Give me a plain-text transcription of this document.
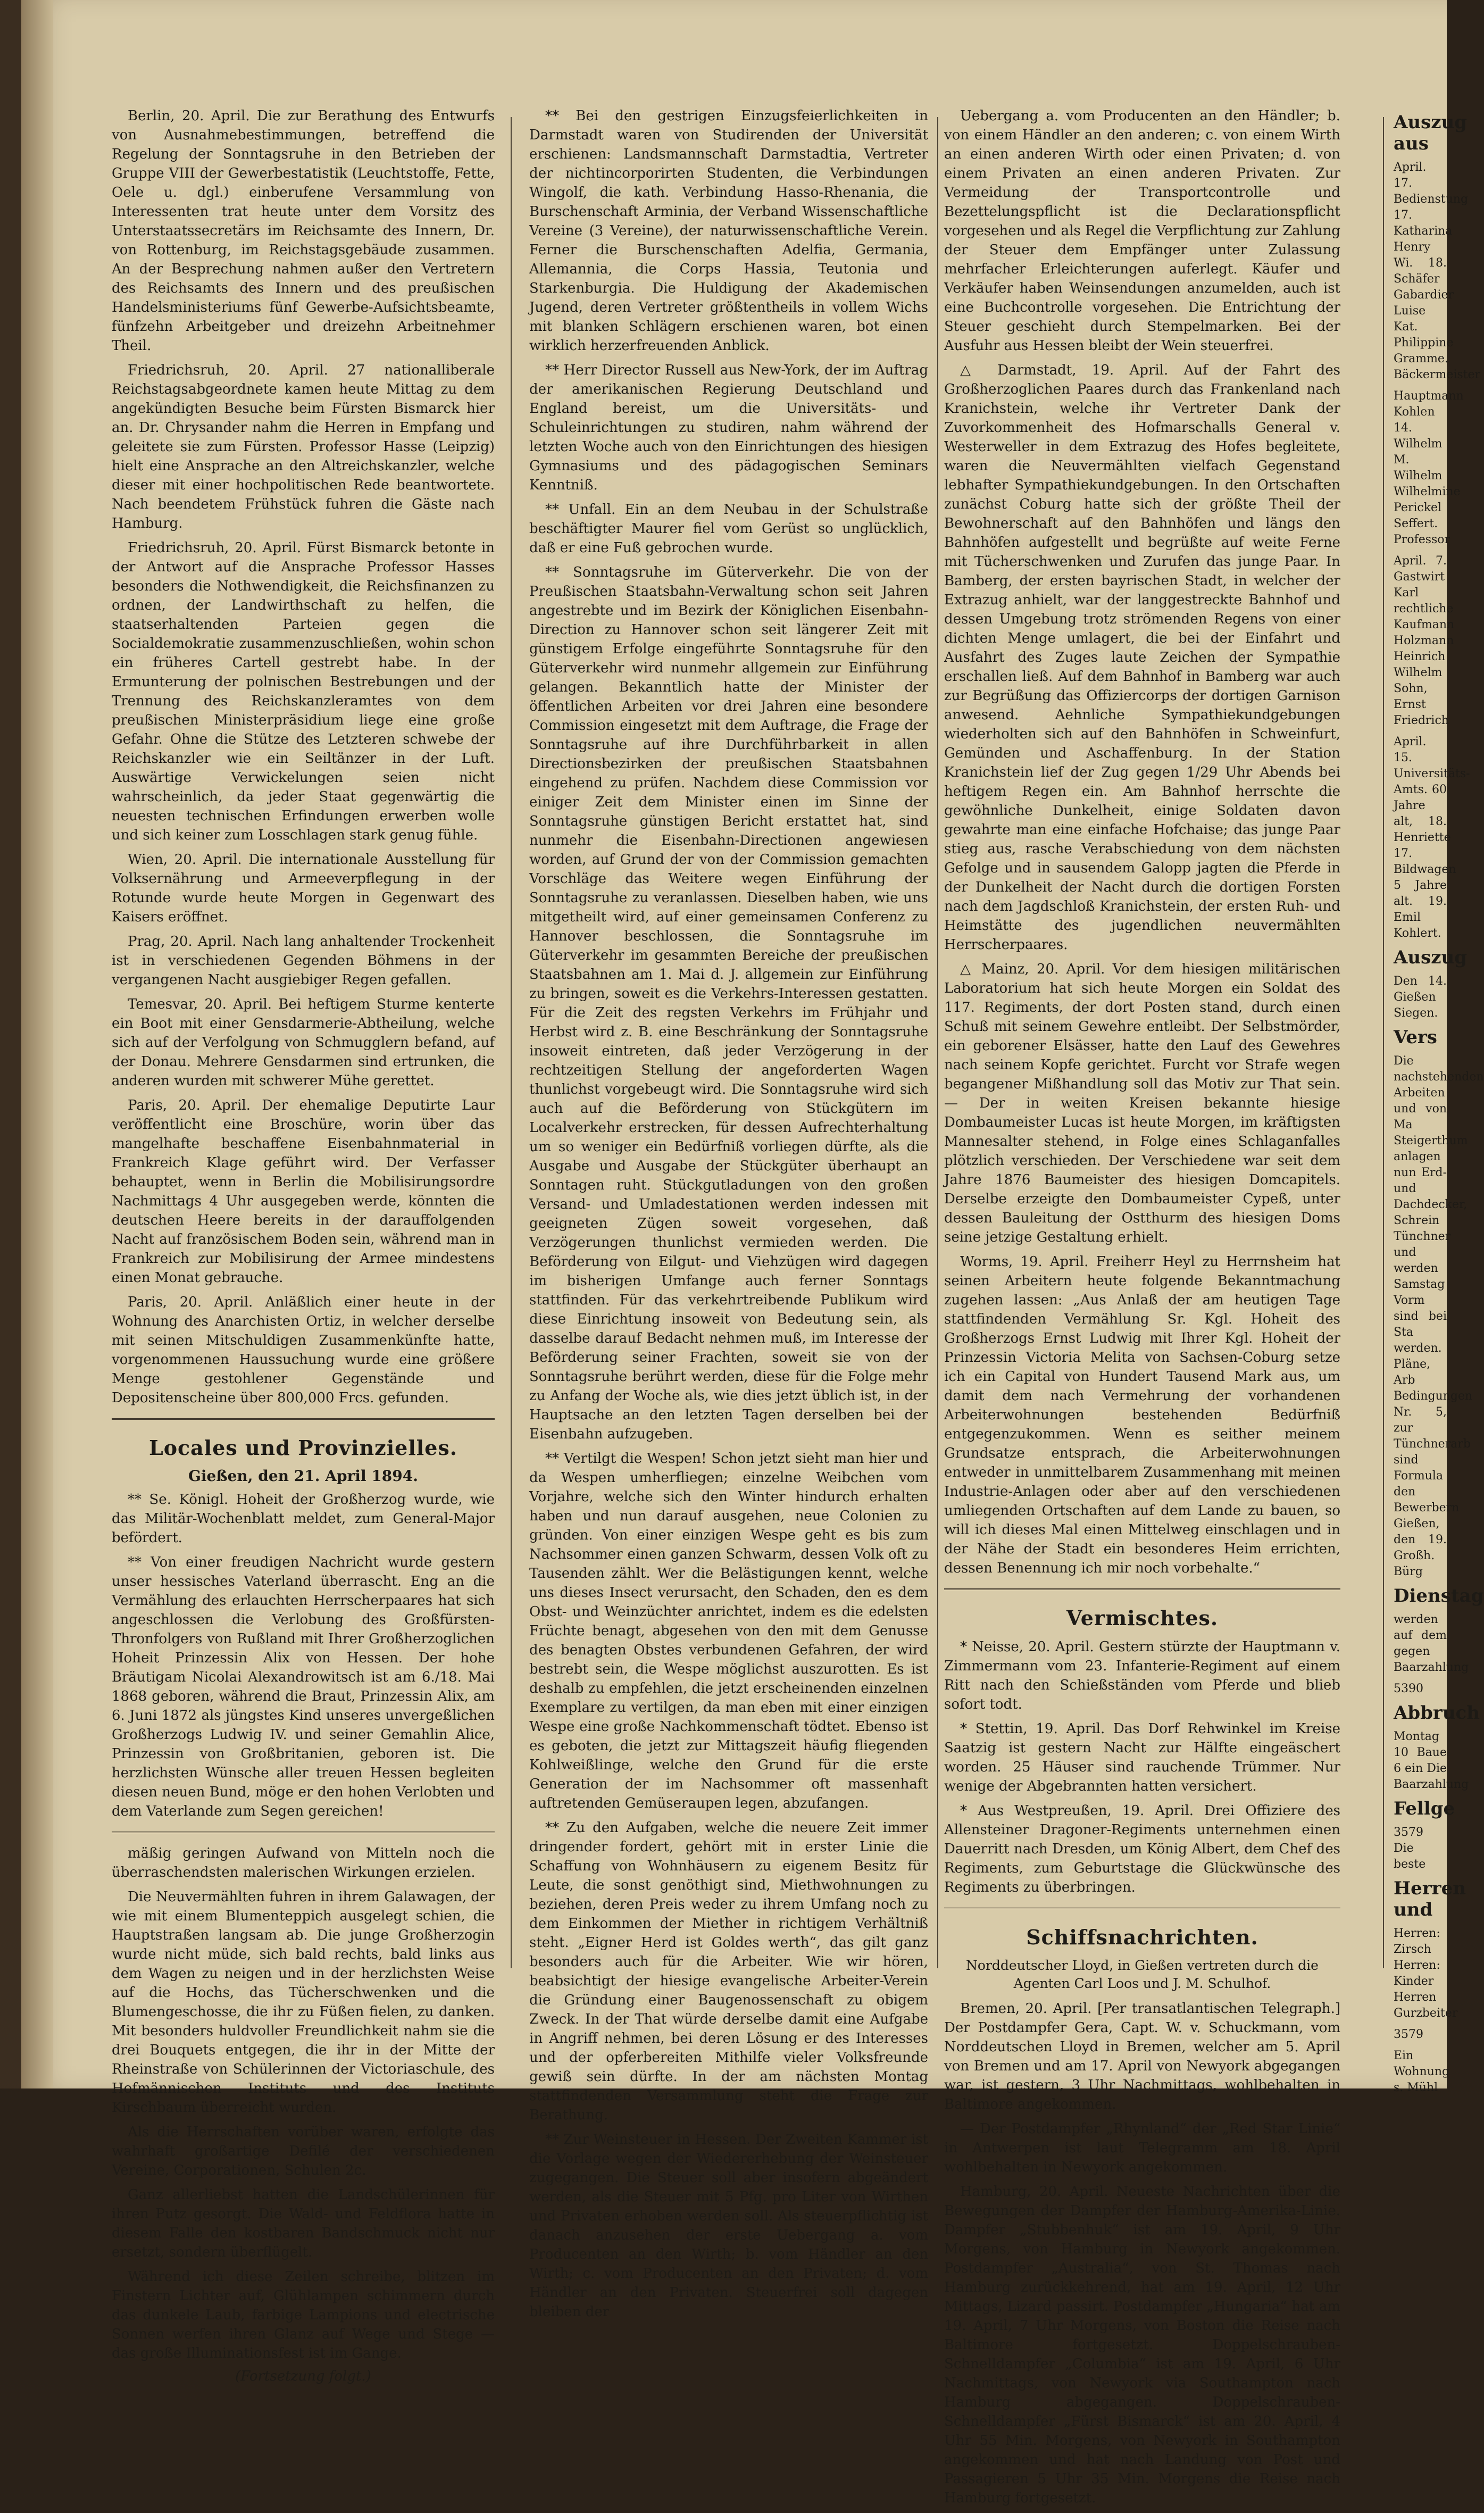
Berlin, 20. April. Die zur Berathung des Entwurfs von Ausnahmebestimmungen, betreffend die Regelung der Sonntagsruhe in den Betrieben der Gruppe VIII der Gewerbestatistik (Leuchtstoffe, Fette, Oele u. dgl.) einberufene Versammlung von Interessenten trat heute unter dem Vorsitz des Unterstaatssecretärs im Reichsamte des Innern, Dr. von Rottenburg, im Reichstagsgebäude zusammen. An der Besprechung nahmen außer den Vertretern des Reichsamts des Innern und des preußischen Handelsministeriums fünf Gewerbe-Aufsichtsbeamte, fünfzehn Arbeitgeber und dreizehn Arbeitnehmer Theil.

Friedrichsruh, 20. April. 27 nationalliberale Reichstagsabgeordnete kamen heute Mittag zu dem angekündigten Besuche beim Fürsten Bismarck hier an. Dr. Chrysander nahm die Herren in Empfang und geleitete sie zum Fürsten. Professor Hasse (Leipzig) hielt eine Ansprache an den Altreichskanzler, welche dieser mit einer hochpolitischen Rede beantwortete. Nach beendetem Frühstück fuhren die Gäste nach Hamburg.

Friedrichsruh, 20. April. Fürst Bismarck betonte in der Antwort auf die Ansprache Professor Hasses besonders die Nothwendigkeit, die Reichsfinanzen zu ordnen, der Landwirthschaft zu helfen, die staatserhaltenden Parteien gegen die Socialdemokratie zusammenzuschließen, wohin schon ein früheres Cartell gestrebt habe. In der Ermunterung der polnischen Bestrebungen und der Trennung des Reichskanzleramtes von dem preußischen Ministerpräsidium liege eine große Gefahr. Ohne die Stütze des Letzteren schwebe der Reichskanzler wie ein Seiltänzer in der Luft. Auswärtige Verwickelungen seien nicht wahrscheinlich, da jeder Staat gegenwärtig die neuesten technischen Erfindungen erwerben wolle und sich keiner zum Losschlagen stark genug fühle.

Wien, 20. April. Die internationale Ausstellung für Volksernährung und Armeeverpflegung in der Rotunde wurde heute Morgen in Gegenwart des Kaisers eröffnet.

Prag, 20. April. Nach lang anhaltender Trockenheit ist in verschiedenen Gegenden Böhmens in der vergangenen Nacht ausgiebiger Regen gefallen.

Temesvar, 20. April. Bei heftigem Sturme kenterte ein Boot mit einer Gensdarmerie-Abtheilung, welche sich auf der Verfolgung von Schmugglern befand, auf der Donau. Mehrere Gensdarmen sind ertrunken, die anderen wurden mit schwerer Mühe gerettet.

Paris, 20. April. Der ehemalige Deputirte Laur veröffentlicht eine Broschüre, worin über das mangelhafte beschaffene Eisenbahnmaterial in Frankreich Klage geführt wird. Der Verfasser behauptet, wenn in Berlin die Mobilisirungsordre Nachmittags 4 Uhr ausgegeben werde, könnten die deutschen Heere bereits in der darauffolgenden Nacht auf französischem Boden sein, während man in Frankreich zur Mobilisirung der Armee mindestens einen Monat gebrauche.

Paris, 20. April. Anläßlich einer heute in der Wohnung des Anarchisten Ortiz, in welcher derselbe mit seinen Mitschuldigen Zusammenkünfte hatte, vorgenommenen Haussuchung wurde eine größere Menge gestohlener Gegenstände und Depositenscheine über 800,000 Frcs. gefunden.

Locales und Provinzielles.
Gießen, den 21. April 1894.

** Se. Königl. Hoheit der Großherzog wurde, wie das Militär-Wochenblatt meldet, zum General-Major befördert.

** Von einer freudigen Nachricht wurde gestern unser hessisches Vaterland überrascht. Eng an die Vermählung des erlauchten Herrscherpaares hat sich angeschlossen die Verlobung des Großfürsten-Thronfolgers von Rußland mit Ihrer Großherzoglichen Hoheit Prinzessin Alix von Hessen. Der hohe Bräutigam Nicolai Alexandrowitsch ist am 6./18. Mai 1868 geboren, während die Braut, Prinzessin Alix, am 6. Juni 1872 als jüngstes Kind unseres unvergeßlichen Großherzogs Ludwig IV. und seiner Gemahlin Alice, Prinzessin von Großbritanien, geboren ist. Die herzlichsten Wünsche aller treuen Hessen begleiten diesen neuen Bund, möge er den hohen Verlobten und dem Vaterlande zum Segen gereichen!

mäßig geringen Aufwand von Mitteln noch die überraschendsten malerischen Wirkungen erzielen.

Die Neuvermählten fuhren in ihrem Galawagen, der wie mit einem Blumenteppich ausgelegt schien, die Hauptstraßen langsam ab. Die junge Großherzogin wurde nicht müde, sich bald rechts, bald links aus dem Wagen zu neigen und in der herzlichsten Weise auf die Hochs, das Tücherschwenken und die Blumengeschosse, die ihr zu Füßen fielen, zu danken. Mit besonders huldvoller Freundlichkeit nahm sie die drei Bouquets entgegen, die ihr in der Mitte der Rheinstraße von Schülerinnen der Victoriaschule, des Hofmännischen Instituts und des Instituts Kirschbaum überreicht wurden.

Als die Herrschaften vorüber waren, erfolgte das wahrhaft großartige Defilé der verschiedenen Vereine, Corporationen, Schulen 2c.

Ganz allerliebst hatten die Landschülerinnen für ihren Putz gesorgt. Die Wald- und Feldflora hatte in diesem Falle den kostbaren Bandschmuck nicht nur ersetzt, sondern überflügelt.

Während ich diese Zeilen schreibe, blitzen im Finstern Lichter auf, Glühlampen schimmern durch das dunkele Laub, farbige Lampions und electrische Sonnen werfen ihren Glanz auf Wege und Stege — das große Illuminationsfest ist im Gange.

(Fortsetzung folgt.)

** Bei den gestrigen Einzugsfeierlichkeiten in Darmstadt waren von Studirenden der Universität erschienen: Landsmannschaft Darmstadtia, Vertreter der nichtincorporirten Studenten, die Verbindungen Wingolf, die kath. Verbindung Hasso-Rhenania, die Burschenschaft Arminia, der Verband Wissenschaftliche Vereine (3 Vereine), der naturwissenschaftliche Verein. Ferner die Burschenschaften Adelfia, Germania, Allemannia, die Corps Hassia, Teutonia und Starkenburgia. Die Huldigung der Akademischen Jugend, deren Vertreter größtentheils in vollem Wichs mit blanken Schlägern erschienen waren, bot einen wirklich herzerfreuenden Anblick.

** Herr Director Russell aus New-York, der im Auftrag der amerikanischen Regierung Deutschland und England bereist, um die Universitäts- und Schuleinrichtungen zu studiren, nahm während der letzten Woche auch von den Einrichtungen des hiesigen Gymnasiums und des pädagogischen Seminars Kenntniß.

** Unfall. Ein an dem Neubau in der Schulstraße beschäftigter Maurer fiel vom Gerüst so unglücklich, daß er eine Fuß gebrochen wurde.

** Sonntagsruhe im Güterverkehr. Die von der Preußischen Staatsbahn-Verwaltung schon seit Jahren angestrebte und im Bezirk der Königlichen Eisenbahn-Direction zu Hannover schon seit längerer Zeit mit günstigem Erfolge eingeführte Sonntagsruhe für den Güterverkehr wird nunmehr allgemein zur Einführung gelangen. Bekanntlich hatte der Minister der öffentlichen Arbeiten vor drei Jahren eine besondere Commission eingesetzt mit dem Auftrage, die Frage der Sonntagsruhe auf ihre Durchführbarkeit in allen Directionsbezirken der preußischen Staatsbahnen eingehend zu prüfen. Nachdem diese Commission vor einiger Zeit dem Minister einen im Sinne der Sonntagsruhe günstigen Bericht erstattet hat, sind nunmehr die Eisenbahn-Directionen angewiesen worden, auf Grund der von der Commission gemachten Vorschläge das Weitere wegen Einführung der Sonntagsruhe zu veranlassen. Dieselben haben, wie uns mitgetheilt wird, auf einer gemeinsamen Conferenz zu Hannover beschlossen, die Sonntagsruhe im Güterverkehr im gesammten Bereiche der preußischen Staatsbahnen am 1. Mai d. J. allgemein zur Einführung zu bringen, soweit es die Verkehrs-Interessen gestatten. Für die Zeit des regsten Verkehrs im Frühjahr und Herbst wird z. B. eine Beschränkung der Sonntagsruhe insoweit eintreten, daß jeder Verzögerung in der rechtzeitigen Stellung der angeforderten Wagen thunlichst vorgebeugt wird. Die Sonntagsruhe wird sich auch auf die Beförderung von Stückgütern im Localverkehr erstrecken, für dessen Aufrechterhaltung um so weniger ein Bedürfniß vorliegen dürfte, als die Ausgabe und Ausgabe der Stückgüter überhaupt an Sonntagen ruht. Stückgutladungen von den großen Versand- und Umladestationen werden indessen mit geeigneten Zügen soweit vorgesehen, daß Verzögerungen thunlichst vermieden werden. Die Beförderung von Eilgut- und Viehzügen wird dagegen im bisherigen Umfange auch ferner Sonntags stattfinden. Für das verkehrtreibende Publikum wird diese Einrichtung insoweit von Bedeutung sein, als dasselbe darauf Bedacht nehmen muß, im Interesse der Beförderung seiner Frachten, soweit sie von der Sonntagsruhe berührt werden, diese für die Folge mehr zu Anfang der Woche als, wie dies jetzt üblich ist, in der Hauptsache an den letzten Tagen derselben bei der Eisenbahn aufzugeben.

** Vertilgt die Wespen! Schon jetzt sieht man hier und da Wespen umherfliegen; einzelne Weibchen vom Vorjahre, welche sich den Winter hindurch erhalten haben und nun darauf ausgehen, neue Colonien zu gründen. Von einer einzigen Wespe geht es bis zum Nachsommer einen ganzen Schwarm, dessen Volk oft zu Tausenden zählt. Wer die Belästigungen kennt, welche uns dieses Insect verursacht, den Schaden, den es dem Obst- und Weinzüchter anrichtet, indem es die edelsten Früchte benagt, abgesehen von den mit dem Genusse des benagten Obstes verbundenen Gefahren, der wird bestrebt sein, die Wespe möglichst auszurotten. Es ist deshalb zu empfehlen, die jetzt erscheinenden einzelnen Exemplare zu vertilgen, da man eben mit einer einzigen Wespe eine große Nachkommenschaft tödtet. Ebenso ist es geboten, die jetzt zur Mittagszeit häufig fliegenden Kohlweißlinge, welche den Grund für die erste Generation der im Nachsommer oft massenhaft auftretenden Gemüseraupen legen, abzufangen.

** Zu den Aufgaben, welche die neuere Zeit immer dringender fordert, gehört mit in erster Linie die Schaffung von Wohnhäusern zu eigenem Besitz für Leute, die sonst genöthigt sind, Miethwohnungen zu beziehen, deren Preis weder zu ihrem Umfang noch zu dem Einkommen der Miether in richtigem Verhältniß steht. „Eigner Herd ist Goldes werth“, das gilt ganz besonders auch für die Arbeiter. Wie wir hören, beabsichtigt der hiesige evangelische Arbeiter-Verein die Gründung einer Baugenossenschaft zu obigem Zweck. In der That würde derselbe damit eine Aufgabe in Angriff nehmen, bei deren Lösung er des Interesses und der opferbereiten Mithilfe vieler Volksfreunde gewiß sein dürfte. In der am nächsten Montag stattfindenden Versammlung steht die Frage zur Berathung.

** Zur Weinsteuer in Hessen. Der Zweiten Kammer ist die Vorlage wegen der Wiedererhebung der Weinsteuer zugegangen. Die Steuer soll aber insofern abgeändert werden, als die Steuer mit 5 Pfg. pro Liter von Wirthen und Privaten erhoben werden soll. Als steuerpflichtig ist danach anzusehen der erste Uebergang a. vom Producenten an den Wirth; b. vom Händler an den Wirth; c. vom Producenten an den Privaten; d. vom Händler an den Privaten. Steuerfrei soll dagegen bleiben der

Uebergang a. vom Producenten an den Händler; b. von einem Händler an den anderen; c. von einem Wirth an einen anderen Wirth oder einen Privaten; d. von einem Privaten an einen anderen Privaten. Zur Vermeidung der Transportcontrolle und Bezettelungspflicht ist die Declarationspflicht vorgesehen und als Regel die Verpflichtung zur Zahlung der Steuer dem Empfänger unter Zulassung mehrfacher Erleichterungen auferlegt. Käufer und Verkäufer haben Weinsendungen anzumelden, auch ist eine Buchcontrolle vorgesehen. Die Entrichtung der Steuer geschieht durch Stempelmarken. Bei der Ausfuhr aus Hessen bleibt der Wein steuerfrei.

△ Darmstadt, 19. April. Auf der Fahrt des Großherzoglichen Paares durch das Frankenland nach Kranichstein, welche ihr Vertreter Dank der Zuvorkommenheit des Hofmarschalls General v. Westerweller in dem Extrazug des Hofes begleitete, waren die Neuvermählten vielfach Gegenstand lebhafter Sympathiekundgebungen. In den Ortschaften zunächst Coburg hatte sich der größte Theil der Bewohnerschaft auf den Bahnhöfen und längs den Bahnhöfen aufgestellt und begrüßte auf weite Ferne mit Tücherschwenken und Zurufen das junge Paar. In Bamberg, der ersten bayrischen Stadt, in welcher der Extrazug anhielt, war der langgestreckte Bahnhof und dessen Umgebung trotz strömenden Regens von einer dichten Menge umlagert, die bei der Einfahrt und Ausfahrt des Zuges laute Zeichen der Sympathie erschallen ließ. Auf dem Bahnhof in Bamberg war auch zur Begrüßung das Offiziercorps der dortigen Garnison anwesend. Aehnliche Sympathiekundgebungen wiederholten sich auf den Bahnhöfen in Schweinfurt, Gemünden und Aschaffenburg. In der Station Kranichstein lief der Zug gegen 1/29 Uhr Abends bei heftigem Regen ein. Am Bahnhof herrschte die gewöhnliche Dunkelheit, einige Soldaten davon gewahrte man eine einfache Hofchaise; das junge Paar stieg aus, rasche Verabschiedung von dem nächsten Gefolge und in sausendem Galopp jagten die Pferde in der Dunkelheit der Nacht durch die dortigen Forsten nach dem Jagdschloß Kranichstein, der ersten Ruh- und Heimstätte des jugendlichen neuvermählten Herrscherpaares.

△ Mainz, 20. April. Vor dem hiesigen militärischen Laboratorium hat sich heute Morgen ein Soldat des 117. Regiments, der dort Posten stand, durch einen Schuß mit seinem Gewehre entleibt. Der Selbstmörder, ein geborener Elsässer, hatte den Lauf des Gewehres nach seinem Kopfe gerichtet. Furcht vor Strafe wegen begangener Mißhandlung soll das Motiv zur That sein. — Der in weiten Kreisen bekannte hiesige Dombaumeister Lucas ist heute Morgen, im kräftigsten Mannesalter stehend, in Folge eines Schlaganfalles plötzlich verschieden. Der Verschiedene war seit dem Jahre 1876 Baumeister des hiesigen Domcapitels. Derselbe erzeigte den Dombaumeister Cypeß, unter dessen Bauleitung der Ostthurm des hiesigen Doms seine jetzige Gestaltung erhielt.

Worms, 19. April. Freiherr Heyl zu Herrnsheim hat seinen Arbeitern heute folgende Bekanntmachung zugehen lassen: „Aus Anlaß der am heutigen Tage stattfindenden Vermählung Sr. Kgl. Hoheit des Großherzogs Ernst Ludwig mit Ihrer Kgl. Hoheit der Prinzessin Victoria Melita von Sachsen-Coburg setze ich ein Capital von Hundert Tausend Mark aus, um damit dem nach Vermehrung der vorhandenen Arbeiterwohnungen bestehenden Bedürfniß entgegenzukommen. Wenn es seither meinem Grundsatze entsprach, die Arbeiterwohnungen entweder in unmittelbarem Zusammenhang mit meinen Industrie-Anlagen oder aber auf den verschiedenen umliegenden Ortschaften auf dem Lande zu bauen, so will ich dieses Mal einen Mittelweg einschlagen und in der Nähe der Stadt ein besonderes Heim errichten, dessen Benennung ich mir noch vorbehalte.“

Vermischtes.

* Neisse, 20. April. Gestern stürzte der Hauptmann v. Zimmermann vom 23. Infanterie-Regiment auf einem Ritt nach den Schießständen vom Pferde und blieb sofort todt.

* Stettin, 19. April. Das Dorf Rehwinkel im Kreise Saatzig ist gestern Nacht zur Hälfte eingeäschert worden. 25 Häuser sind rauchende Trümmer. Nur wenige der Abgebrannten hatten versichert.

* Aus Westpreußen, 19. April. Drei Offiziere des Allensteiner Dragoner-Regiments unternehmen einen Dauerritt nach Dresden, um König Albert, dem Chef des Regiments, zum Geburtstage die Glückwünsche des Regiments zu überbringen.

Schiffsnachrichten.
Norddeutscher Lloyd, in Gießen vertreten durch die Agenten Carl Loos und J. M. Schulhof.

Bremen, 20. April. [Per transatlantischen Telegraph.] Der Postdampfer Gera, Capt. W. v. Schuckmann, vom Norddeutschen Lloyd in Bremen, welcher am 5. April von Bremen und am 17. April von Newyork abgegangen war, ist gestern, 3 Uhr Nachmittags, wohlbehalten in Baltimore angekommen.

— Der Postdampfer „Rhynland“ der „Red Star Linie“ in Antwerpen ist laut Telegramm am 18. April wohlbehalten in Newyork angekommen.

Hamburg, 20. April. Neueste Nachrichten über die Bewegungen der Dampfer der Hamburg-Amerika-Linie. Dampfer „Stubbenhuk“ ist am 19. April, 9 Uhr Morgens, von Hamburg in Newyork angekommen. Postdampfer „Australia“, von St. Thomas nach Hamburg zurückkehrend, hat am 19. April, 12 Uhr Mittags, Lizard passirt. Postdampfer „Hungaria“ hat am 19. April, 7 Uhr Morgens, von Boston die Reise nach Baltimore fortgesetzt. Doppelschrauben-Schnelldampfer „Columbia“ ist am 19. April, 6 Uhr Nachmittags, von Newyork via Southampton nach Hamburg abgegangen. Doppelschrauben-Schnelldampfer „Fürst Bismarck“ ist am 20. April, 4 Uhr 55 Min. Morgens, von Newyork in Southampton angekommen und hat nach Landung von Post und Passagieren 5 Uhr 35 Min. Morgens die Reise nach Hamburg fortgesetzt.

Auszug aus

April. 17. Bedienstung 17. Katharina Henry Wi. 18. Schäfer Gabardier Luise Kat. Philippine Gramme. Bäckermeister

Hauptmann Kohlen 14. Wilhelm M. Wilhelm Wilhelmine Perickel Seffert. Professor

April. 7. Gastwirt Karl rechtliche Kaufmann Holzmann Heinrich Wilhelm Sohn, Ernst Friedrich

April. 15. Universitäts-Amts. 60 Jahre alt, 18. Henriette 17. Bildwagen 5 Jahre alt. 19. Emil Kohlert.

Auszug

Den 14. Gießen Siegen.

Vers

Die nachstehenden Arbeiten und von Ma Steigerthum anlagen nun Erd- und Dachdecker, Schrein Tünchner und werden Samstag Vorm sind bei Sta werden. Pläne, Arb Bedingungen Nr. 5, zur Tünchnerarb sind Formula den Bewerbern Gießen, den 19. Großh. Bürg

Dienstag

werden auf dem gegen Baarzahlung

5390

Abbruch

Montag 10 Baue 6 ein Die Baarzahlung

Fellge

3579 Die beste

Herren und

Herren: Zirsch Herren: Kinder Herren Gurzbeiter

3579

Ein Wohnung s. Mühl
